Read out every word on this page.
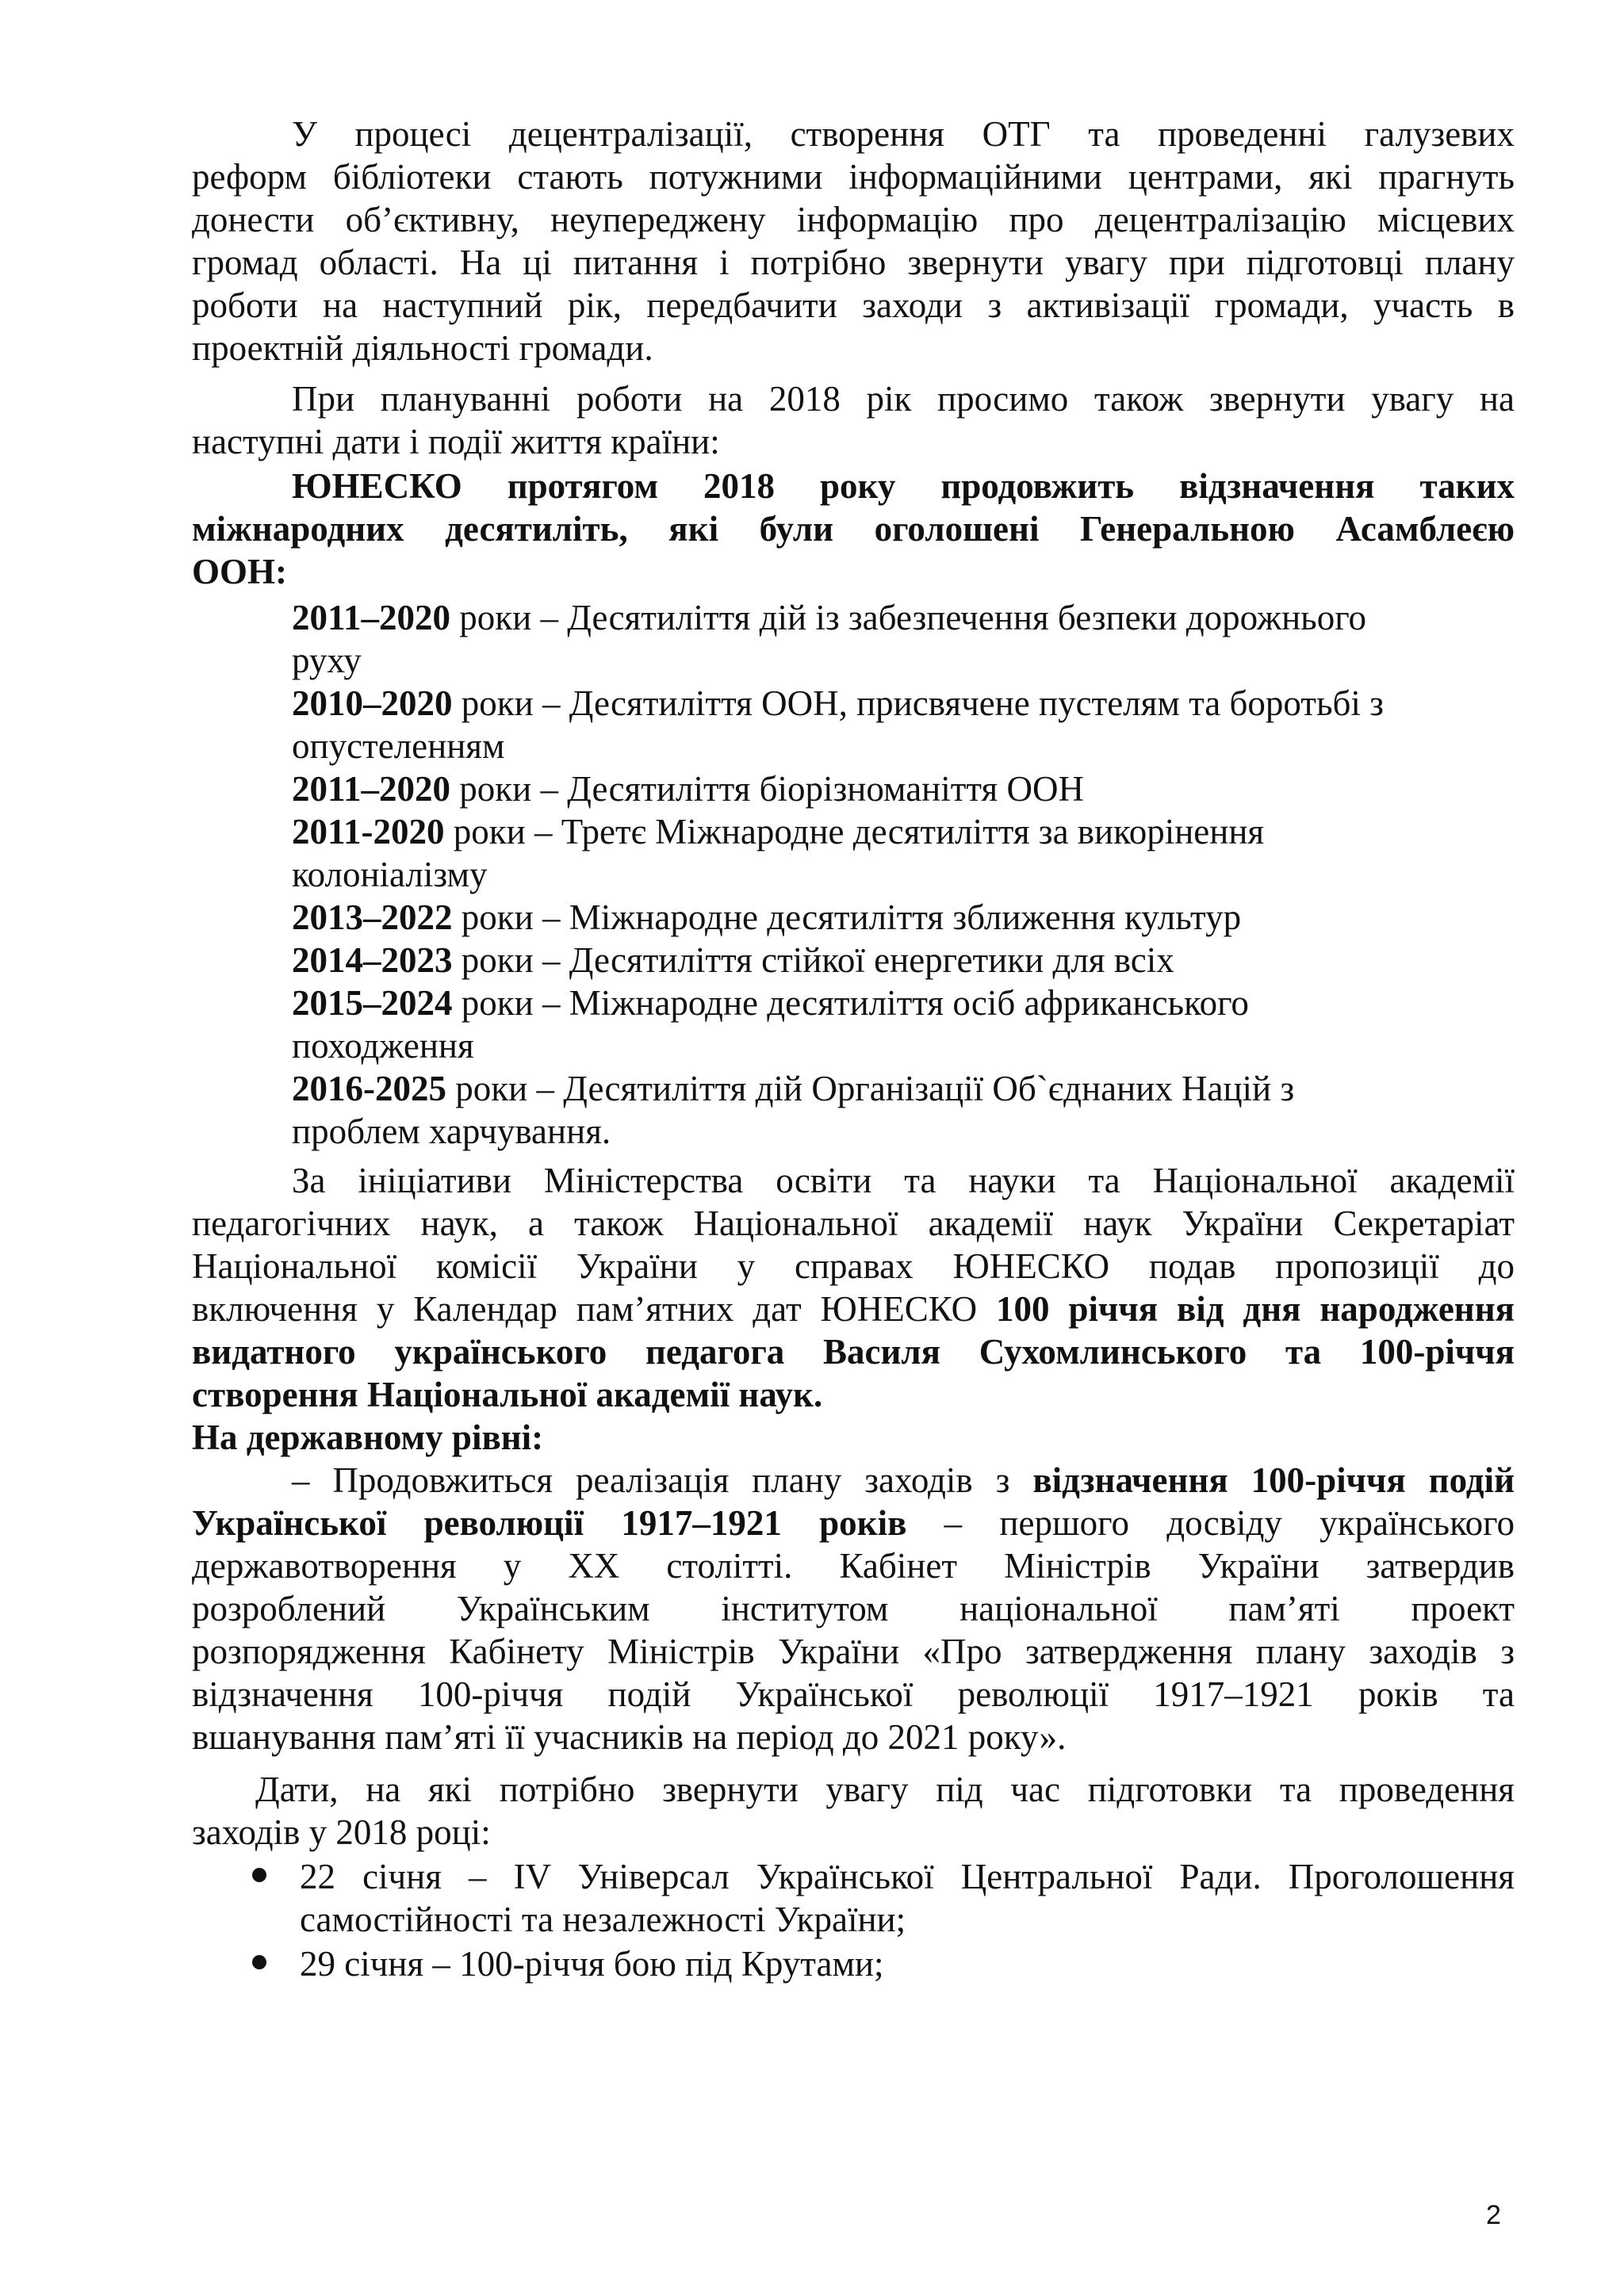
У процесі децентралізації, створення ОТГ та проведенні галузевих
реформ бібліотеки стають потужними інформаційними центрами, які прагнуть
донести об’єктивну, неупереджену інформацію про децентралізацію місцевих
громад області. На ці питання і потрібно звернути увагу при підготовці плану
роботи на наступний рік, передбачити заходи з активізації громади, участь в
проектній діяльності громади.
При плануванні роботи на 2018 рік просимо також звернути увагу на
наступні дати і події життя країни:
ЮНЕСКО протягом 2018 року продовжить відзначення таких
міжнародних десятиліть, які були оголошені Генеральною Асамблеєю
ООН:
2011–2020 роки – Десятиліття дій із забезпечення безпеки дорожнього
руху
2010–2020 роки – Десятиліття ООН, присвячене пустелям та боротьбі з
опустеленням
2011–2020 роки – Десятиліття біорізноманіття ООН
2011-2020 роки – Третє Міжнародне десятиліття за викорінення
колоніалізму
2013–2022 роки – Міжнародне десятиліття зближення культур
2014–2023 роки – Десятиліття стійкої енергетики для всіх
2015–2024 роки – Міжнародне десятиліття осіб африканського
походження
2016-2025 роки – Десятиліття дій Організації Об`єднаних Націй з
проблем харчування.
За ініціативи Міністерства освіти та науки та Національної академії
педагогічних наук, а також Національної академії наук України Секретаріат
Національної комісії України у справах ЮНЕСКО подав пропозиції до
включення у Календар пам’ятних дат ЮНЕСКО 100 річчя від дня народження
видатного українського педагога Василя Сухомлинського та 100-річчя
створення Національної академії наук.
На державному рівні:
– Продовжиться реалізація плану заходів з відзначення 100-річчя подій
Української революції 1917–1921 років – першого досвіду українського
державотворення у ХХ столітті. Кабінет Міністрів України затвердив
розроблений Українським інститутом національної пам’яті проект
розпорядження Кабінету Міністрів України «Про затвердження плану заходів з
відзначення 100-річчя подій Української революції 1917–1921 років та
вшанування пам’яті її учасників на період до 2021 року».
Дати, на які потрібно звернути увагу під час підготовки та проведення
заходів у 2018 році:
22 січня – IV Універсал Української Центральної Ради. Проголошення
самостійності та незалежності України;
29 січня – 100-річчя бою під Крутами;
2
